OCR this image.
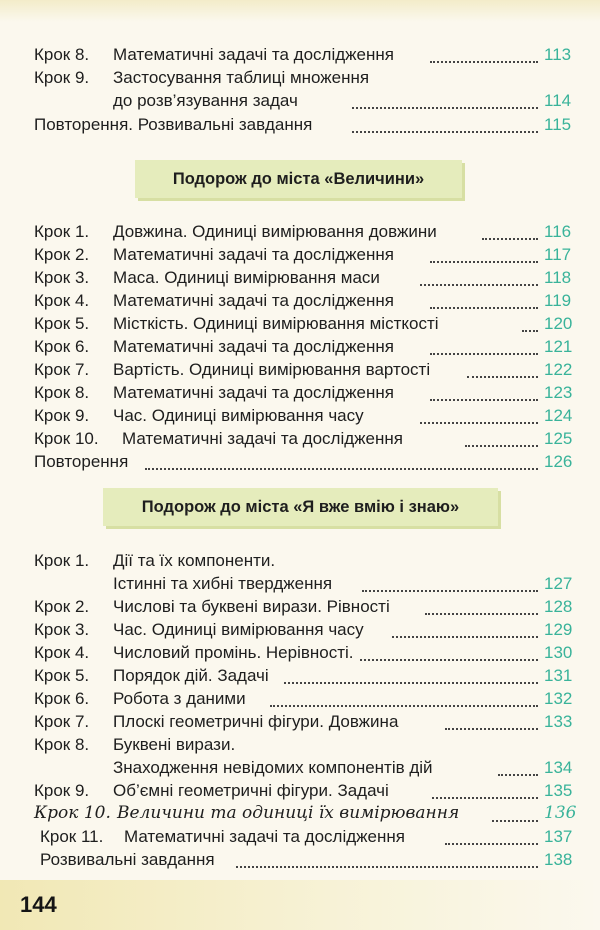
Крок 8. Математичні задачі та дослідження	113
Крок 9. Застосування таблиці множення
до розв’язування задач	114
Повторення. Розвивальні завдання	115
Подорож до міста «Величини»
Крок 1. Довжина. Одиниці вимірювання довжини	116
Крок 2. Математичні задачі та дослідження	117
Крок 3. Маса. Одиниці вимірювання маси	118
Крок 4. Математичні задачі та дослідження	119
Крок 5. Місткість. Одиниці вимірювання місткості	120
Крок 6. Математичні задачі та дослідження	121
Крок 7. Вартість. Одиниці вимірювання вартості	122
Крок 8. Математичні задачі та дослідження	123
Крок 9. Час. Одиниці вимірювання часу	124
Крок 10. Математичні задачі та дослідження	125
Повторення	126
Подорож до міста «Я вже вмію і знаю»
Крок 1. Дії та їх компоненти.
Істинні та хибні твердження	127
Крок 2. Числові та буквені вирази. Рівності	128
Крок 3. Час. Одиниці вимірювання часу	129
Крок 4. Числовий промінь. Нерівності.	130
Крок 5. Порядок дій. Задачі	131
Крок 6. Робота з даними	132
Крок 7. Плоскі геометричні фігури. Довжина	133
Крок 8. Буквені вирази.
Знаходження невідомих компонентів дій	134
Крок 9. Об’ємні геометричні фігури. Задачі	135
Крок 10. Величини та одиниці їх вимірювання	136
Крок 11. Математичні задачі та дослідження	137
Розвивальні завдання	138
144
